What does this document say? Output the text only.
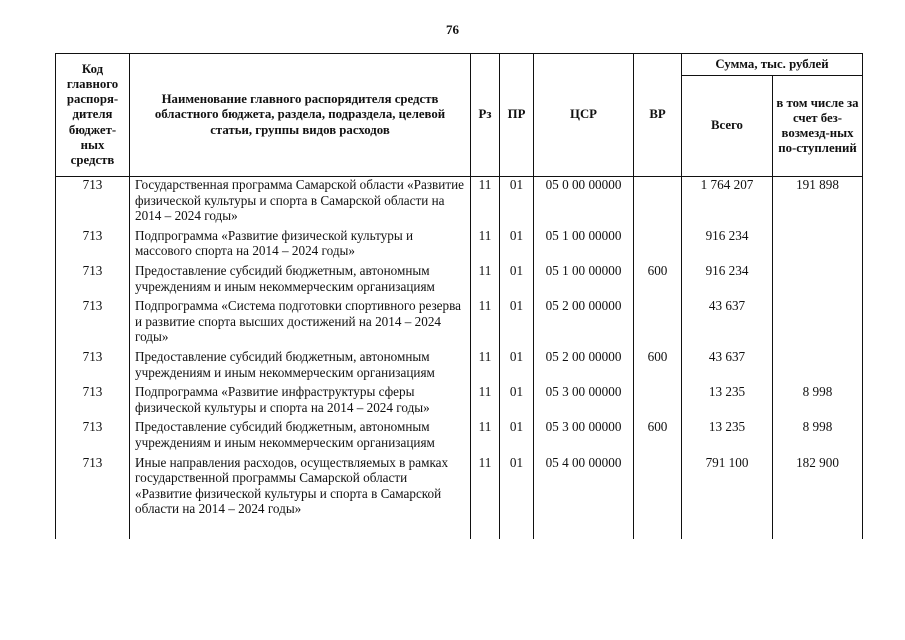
76
Код главного распоря-дителя бюджет-ных средств	Наименование главного распорядителя средств областного бюджета, раздела, подраздела, целевой статьи, группы видов расходов	Рз	ПР	ЦСР	ВР	Сумма, тыс. рублей	
						Всего	в том числе за счет без-возмезд-ных по-ступлений
713	Государственная программа Самарской области «Развитие физической культуры и спорта в Самарской области на 2014 – 2024 годы»	11	01	05 0 00 00000		1 764 207	191 898
713	Подпрограмма «Развитие физической культуры и массового спорта на 2014 – 2024 годы»	11	01	05 1 00 00000		916 234	
713	Предоставление субсидий бюджетным, автономным учреждениям и иным некоммерческим организациям	11	01	05 1 00 00000	600	916 234	
713	Подпрограмма «Система подготовки спортивного резерва и развитие спорта высших достижений на 2014 – 2024 годы»	11	01	05 2 00 00000		43 637	
713	Предоставление субсидий бюджетным, автономным учреждениям и иным некоммерческим организациям	11	01	05 2 00 00000	600	43 637	
713	Подпрограмма «Развитие инфраструктуры сферы физической культуры и спорта на 2014 – 2024 годы»	11	01	05 3 00 00000		13 235	8 998
713	Предоставление субсидий бюджетным, автономным учреждениям и иным некоммерческим организациям	11	01	05 3 00 00000	600	13 235	8 998
713	Иные направления расходов, осуществляемых в рамках государственной программы Самарской области «Развитие физической культуры и спорта в Самарской области на 2014 – 2024 годы»	11	01	05 4 00 00000		791 100	182 900
